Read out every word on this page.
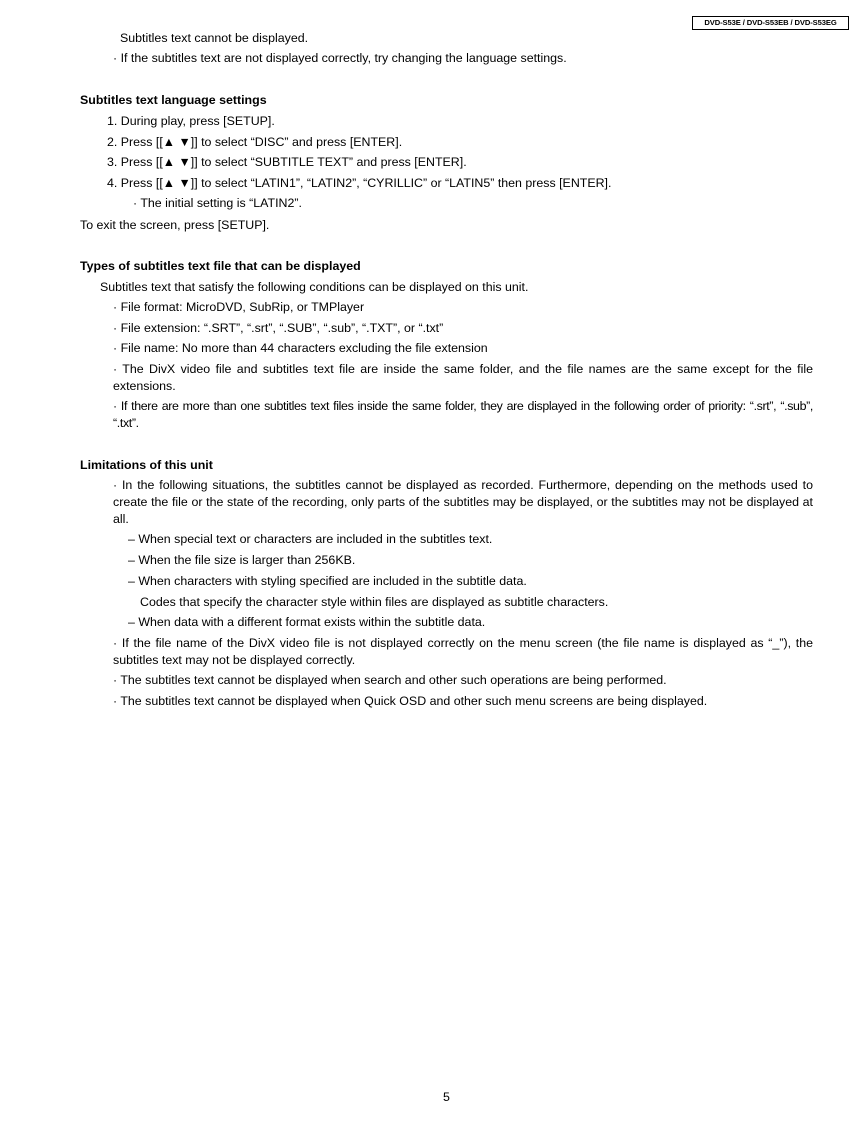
DVD-S53E / DVD-S53EB / DVD-S53EG
Subtitles text cannot be displayed.
· If the subtitles text are not displayed correctly, try changing the language settings.
Subtitles text language settings
1. During play, press [SETUP].
2. Press [[▲ ▼]] to select “DISC” and press [ENTER].
3. Press [[▲ ▼]] to select “SUBTITLE TEXT” and press [ENTER].
4. Press [[▲ ▼]] to select “LATIN1”, “LATIN2”, “CYRILLIC” or “LATIN5” then press [ENTER].
· The initial setting is “LATIN2”.
To exit the screen, press [SETUP].
Types of subtitles text file that can be displayed
Subtitles text that satisfy the following conditions can be displayed on this unit.
· File format: MicroDVD, SubRip, or TMPlayer
· File extension: “.SRT”, “.srt”, “.SUB”, “.sub”, “.TXT”, or “.txt”
· File name: No more than 44 characters excluding the file extension
· The DivX video file and subtitles text file are inside the same folder, and the file names are the same except for the file extensions.
· If there are more than one subtitles text files inside the same folder, they are displayed in the following order of priority: “.srt”, “.sub”, “.txt”.
Limitations of this unit
· In the following situations, the subtitles cannot be displayed as recorded. Furthermore, depending on the methods used to create the file or the state of the recording, only parts of the subtitles may be displayed, or the subtitles may not be displayed at all.
– When special text or characters are included in the subtitles text.
– When the file size is larger than 256KB.
– When characters with styling specified are included in the subtitle data.
Codes that specify the character style within files are displayed as subtitle characters.
– When data with a different format exists within the subtitle data.
· If the file name of the DivX video file is not displayed correctly on the menu screen (the file name is displayed as “_”), the subtitles text may not be displayed correctly.
· The subtitles text cannot be displayed when search and other such operations are being performed.
· The subtitles text cannot be displayed when Quick OSD and other such menu screens are being displayed.
5
